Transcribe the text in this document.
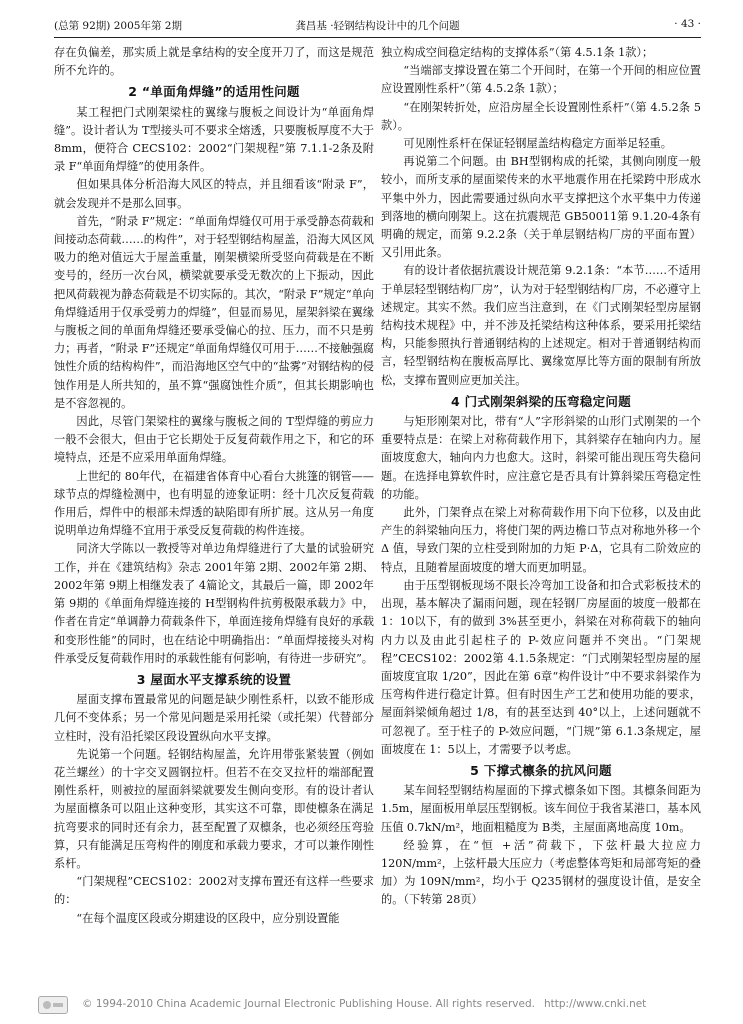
(总第 92期) 2005年第 2期	龚昌基 ·轻钢结构设计中的几个问题	· 43 ·

存在负偏差，那实质上就是拿结构的安全度开刀了，而这是规范所不允许的。

2 “单面角焊缝”的适用性问题

某工程把门式刚架梁柱的翼缘与腹板之间设计为“单面角焊缝”。设计者认为 T型接头可不要求全熔透，只要腹板厚度不大于 8mm，便符合 CECS102：2002“门架规程”第 7.1.1-2条及附录 F“单面角焊缝”的使用条件。

但如果具体分析沿海大风区的特点，并且细看该“附录 F”，就会发现并不是那么回事。

首先，“附录 F”规定：“单面角焊缝仅可用于承受静态荷载和间接动态荷载……的构件”，对于轻型钢结构屋盖，沿海大风区风吸力的绝对值远大于屋盖重量，刚架横梁所受竖向荷载是在不断变号的，经历一次台风，横梁就要承受无数次的上下振动，因此把风荷载视为静态荷载是不切实际的。其次，“附录 F”规定“单向角焊缝适用于仅承受剪力的焊缝”，但显而易见，屋架斜梁在翼缘与腹板之间的单面角焊缝还要承受偏心的拉、压力，而不只是剪力；再者，“附录 F”还规定“单面角焊缝仅可用于……不接触强腐蚀性介质的结构构件”，而沿海地区空气中的“盐雾”对钢结构的侵蚀作用是人所共知的，虽不算“强腐蚀性介质”，但其长期影响也是不容忽视的。

因此，尽管门架梁柱的翼缘与腹板之间的 T型焊缝的剪应力一般不会很大，但由于它长期处于反复荷载作用之下，和它的环境特点，还是不应采用单面角焊缝。

上世纪的 80年代，在福建省体育中心看台大挑篷的钢管——球节点的焊缝检测中，也有明显的迹象证明：经十几次反复荷载作用后，焊件中的根部未焊透的缺陷即有所扩展。这从另一角度说明单边角焊缝不宜用于承受反复荷载的构件连接。

同济大学陈以一教授等对单边角焊缝进行了大量的试验研究工作，并在《建筑结构》杂志 2001年第 2期、2002年第 2期、2002年第 9期上相继发表了 4篇论文，其最后一篇，即 2002年第 9期的《单面角焊缝连接的 H型钢构件抗剪极限承载力》中，作者在肯定“单调静力荷载条件下，单面连接角焊缝有良好的承载和变形性能”的同时，也在结论中明确指出：“单面焊接接头对构件承受反复荷载作用时的承载性能有何影响，有待进一步研究”。

3 屋面水平支撑系统的设置

屋面支撑布置最常见的问题是缺少刚性系杆，以致不能形成几何不变体系；另一个常见问题是采用托梁（或托架）代替部分立柱时，没有沿托梁区段设置纵向水平支撑。

先说第一个问题。轻钢结构屋盖，允许用带张紧装置（例如花兰螺丝）的十字交叉圆钢拉杆。但若不在交叉拉杆的端部配置刚性系杆，则被拉的屋面斜梁就要发生侧向变形。有的设计者认为屋面檩条可以阻止这种变形，其实这不可靠，即使檩条在满足抗弯要求的同时还有余力，甚至配置了双檩条，也必须经压弯验算，只有能满足压弯构件的刚度和承载力要求，才可以兼作刚性系杆。

“门架规程”CECS102：2002对支撑布置还有这样一些要求的：

“在每个温度区段或分期建设的区段中，应分别设置能

独立构成空间稳定结构的支撑体系”（第 4.5.1条 1款）；

“当端部支撑设置在第二个开间时，在第一个开间的相应位置应设置刚性系杆”（第 4.5.2条 1款）；

“在刚架转折处，应沿房屋全长设置刚性系杆”（第 4.5.2条 5款）。

可见刚性系杆在保证轻钢屋盖结构稳定方面举足轻重。

再说第二个问题。由 BH型钢构成的托梁，其侧向刚度一般较小，而所支承的屋面梁传来的水平地震作用在托梁跨中形成水平集中外力，因此需要通过纵向水平支撑把这个水平集中力传递到落地的横向刚架上。这在抗震规范 GB50011第 9.1.20-4条有明确的规定，而第 9.2.2条（关于单层钢结构厂房的平面布置）又引用此条。

有的设计者依据抗震设计规范第 9.2.1条：“本节……不适用于单层轻型钢结构厂房”，认为对于轻型钢结构厂房，不必遵守上述规定。其实不然。我们应当注意到，在《门式刚架轻型房屋钢结构技术规程》中，并不涉及托梁结构这种体系，要采用托梁结构，只能参照执行普通钢结构的上述规定。相对于普通钢结构而言，轻型钢结构在腹板高厚比、翼缘宽厚比等方面的限制有所放松，支撑布置则应更加关注。

4 门式刚架斜梁的压弯稳定问题

与矩形刚架对比，带有“人”字形斜梁的山形门式刚架的一个重要特点是：在梁上对称荷载作用下，其斜梁存在轴向内力。屋面坡度愈大，轴向内力也愈大。这时，斜梁可能出现压弯失稳问题。在选择电算软件时，应注意它是否具有计算斜梁压弯稳定性的功能。

此外，门架脊点在梁上对称荷载作用下向下位移，以及由此产生的斜梁轴向压力，将使门架的两边檐口节点对称地外移一个 Δ 值，导致门架的立柱受到附加的力矩 P·Δ，它具有二阶效应的特点，且随着屋面坡度的增大而更加明显。

由于压型钢板现场不限长冷弯加工设备和扣合式彩板技术的出现，基本解决了漏雨问题，现在轻钢厂房屋面的坡度一般都在 1：10以下，有的做到 3%甚至更小，斜梁在对称荷载下的轴向内力以及由此引起柱子的 P-效应问题并不突出。“门架规程”CECS102：2002第 4.1.5条规定：“门式刚架轻型房屋的屋面坡度宜取 1/20”，因此在第 6章“构件设计”中不要求斜梁作为压弯构件进行稳定计算。但有时因生产工艺和使用功能的要求，屋面斜梁倾角超过 1/8，有的甚至达到 40°以上，上述问题就不可忽视了。至于柱子的 P-效应问题，“门规”第 6.1.3条规定，屋面坡度在 1：5以上，才需要予以考虑。

5 下撑式檩条的抗风问题

某车间轻型钢结构屋面的下撑式檩条如下图。其檩条间距为 1.5m，屋面板用单层压型钢板。该车间位于我省某港口，基本风压值 0.7kN/m²，地面粗糙度为 B类，主屋面离地高度 10m。

经验算，在“恒 +活”荷载下，下弦杆最大拉应力 120N/mm²，上弦杆最大压应力（考虑整体弯矩和局部弯矩的叠加）为 109N/mm²，均小于 Q235钢材的强度设计值，是安全的。（下转第 28页）

© 1994-2010 China Academic Journal Electronic Publishing House. All rights reserved. http://www.cnki.net
